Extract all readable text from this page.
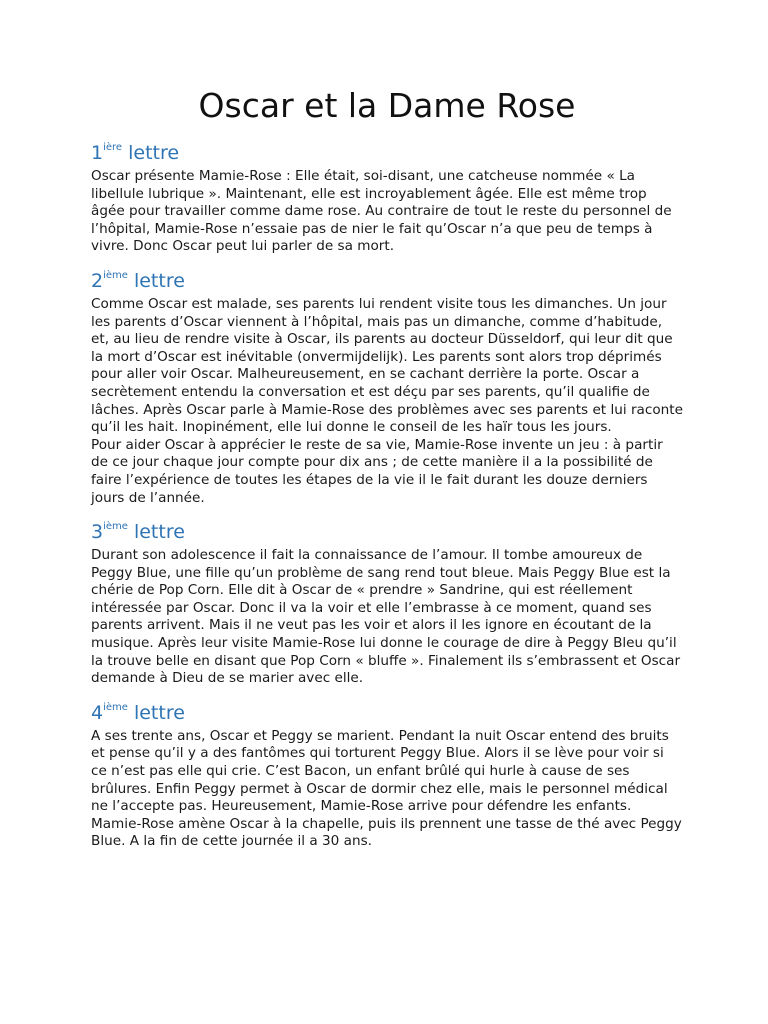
Oscar et la Dame Rose
$1^{ière}$ lettre

Oscar présente Mamie-Rose : Elle était, soi-disant, une catcheuse nommée « La libellule lubrique ». Maintenant, elle est incroyablement âgée. Elle est même trop âgée pour travailler comme dame rose. Au contraire de tout le reste du personnel de l’hôpital, Mamie-Rose n’essaie pas de nier le fait qu’Oscar n’a que peu de temps à vivre. Donc Oscar peut lui parler de sa mort.

2ième lettre

Comme Oscar est malade, ses parents lui rendent visite tous les dimanches. Un jour les parents d’Oscar viennent à l’hôpital, mais pas un dimanche, comme d’habitude, et, au lieu de rendre visite à Oscar, ils parents au docteur Düsseldorf, qui leur dit que la mort d’Oscar est inévitable (onvermijdelijk). Les parents sont alors trop déprimés pour aller voir Oscar. Malheureusement, en se cachant derrière la porte. Oscar a secrètement entendu la conversation et est déçu par ses parents, qu’il qualifie de lâches. Après Oscar parle à Mamie-Rose des problèmes avec ses parents et lui raconte qu’il les hait. Inopinément, elle lui donne le conseil de les haïr tous les jours.

Pour aider Oscar à apprécier le reste de sa vie, Mamie-Rose invente un jeu : à partir de ce jour chaque jour compte pour dix ans ; de cette manière il a la possibilité de faire l’expérience de toutes les étapes de la vie il le fait durant les douze derniers jours de l’année.

3ième lettre

Durant son adolescence il fait la connaissance de l’amour. Il tombe amoureux de Peggy Blue, une fille qu’un problème de sang rend tout bleue. Mais Peggy Blue est la chérie de Pop Corn. Elle dit à Oscar de « prendre » Sandrine, qui est réellement intéressée par Oscar. Donc il va la voir et elle l’embrasse à ce moment, quand ses parents arrivent. Mais il ne veut pas les voir et alors il les ignore en écoutant de la musique. Après leur visite Mamie-Rose lui donne le courage de dire à Peggy Bleu qu’il la trouve belle en disant que Pop Corn « bluffe ». Finalement ils s’embrassent et Oscar demande à Dieu de se marier avec elle.

4ième lettre

A ses trente ans, Oscar et Peggy se marient. Pendant la nuit Oscar entend des bruits et pense qu’il y a des fantômes qui torturent Peggy Blue. Alors il se lève pour voir si ce n’est pas elle qui crie. C’est Bacon, un enfant brûlé qui hurle à cause de ses brûlures. Enfin Peggy permet à Oscar de dormir chez elle, mais le personnel médical ne l’accepte pas. Heureusement, Mamie-Rose arrive pour défendre les enfants.

Mamie-Rose amène Oscar à la chapelle, puis ils prennent une tasse de thé avec Peggy Blue. A la fin de cette journée il a 30 ans.
